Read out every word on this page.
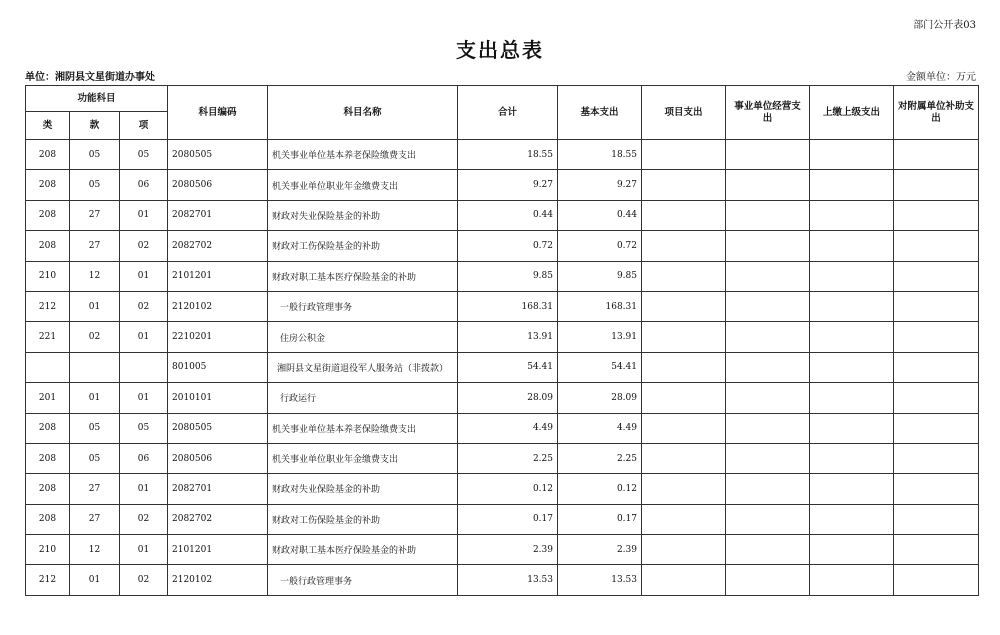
部门公开表03
支出总表
单位：湘阴县文星街道办事处	金额单位：万元
功能科目			科目编码	科目名称	合计	基本支出	项目支出	事业单位经营支出	上缴上级支出	对附属单位补助支出
类	款	项								
208	05	05	2080505	机关事业单位基本养老保险缴费支出	18.55	18.55				
208	05	06	2080506	机关事业单位职业年金缴费支出	9.27	9.27				
208	27	01	2082701	财政对失业保险基金的补助	0.44	0.44				
208	27	02	2082702	财政对工伤保险基金的补助	0.72	0.72				
210	12	01	2101201	财政对职工基本医疗保险基金的补助	9.85	9.85				
212	01	02	2120102	一般行政管理事务	168.31	168.31				
221	02	01	2210201	住房公积金	13.91	13.91				
			801005	湘阴县文星街道退役军人服务站（非拨款）	54.41	54.41				
201	01	01	2010101	行政运行	28.09	28.09				
208	05	05	2080505	机关事业单位基本养老保险缴费支出	4.49	4.49				
208	05	06	2080506	机关事业单位职业年金缴费支出	2.25	2.25				
208	27	01	2082701	财政对失业保险基金的补助	0.12	0.12				
208	27	02	2082702	财政对工伤保险基金的补助	0.17	0.17				
210	12	01	2101201	财政对职工基本医疗保险基金的补助	2.39	2.39				
212	01	02	2120102	一般行政管理事务	13.53	13.53				
